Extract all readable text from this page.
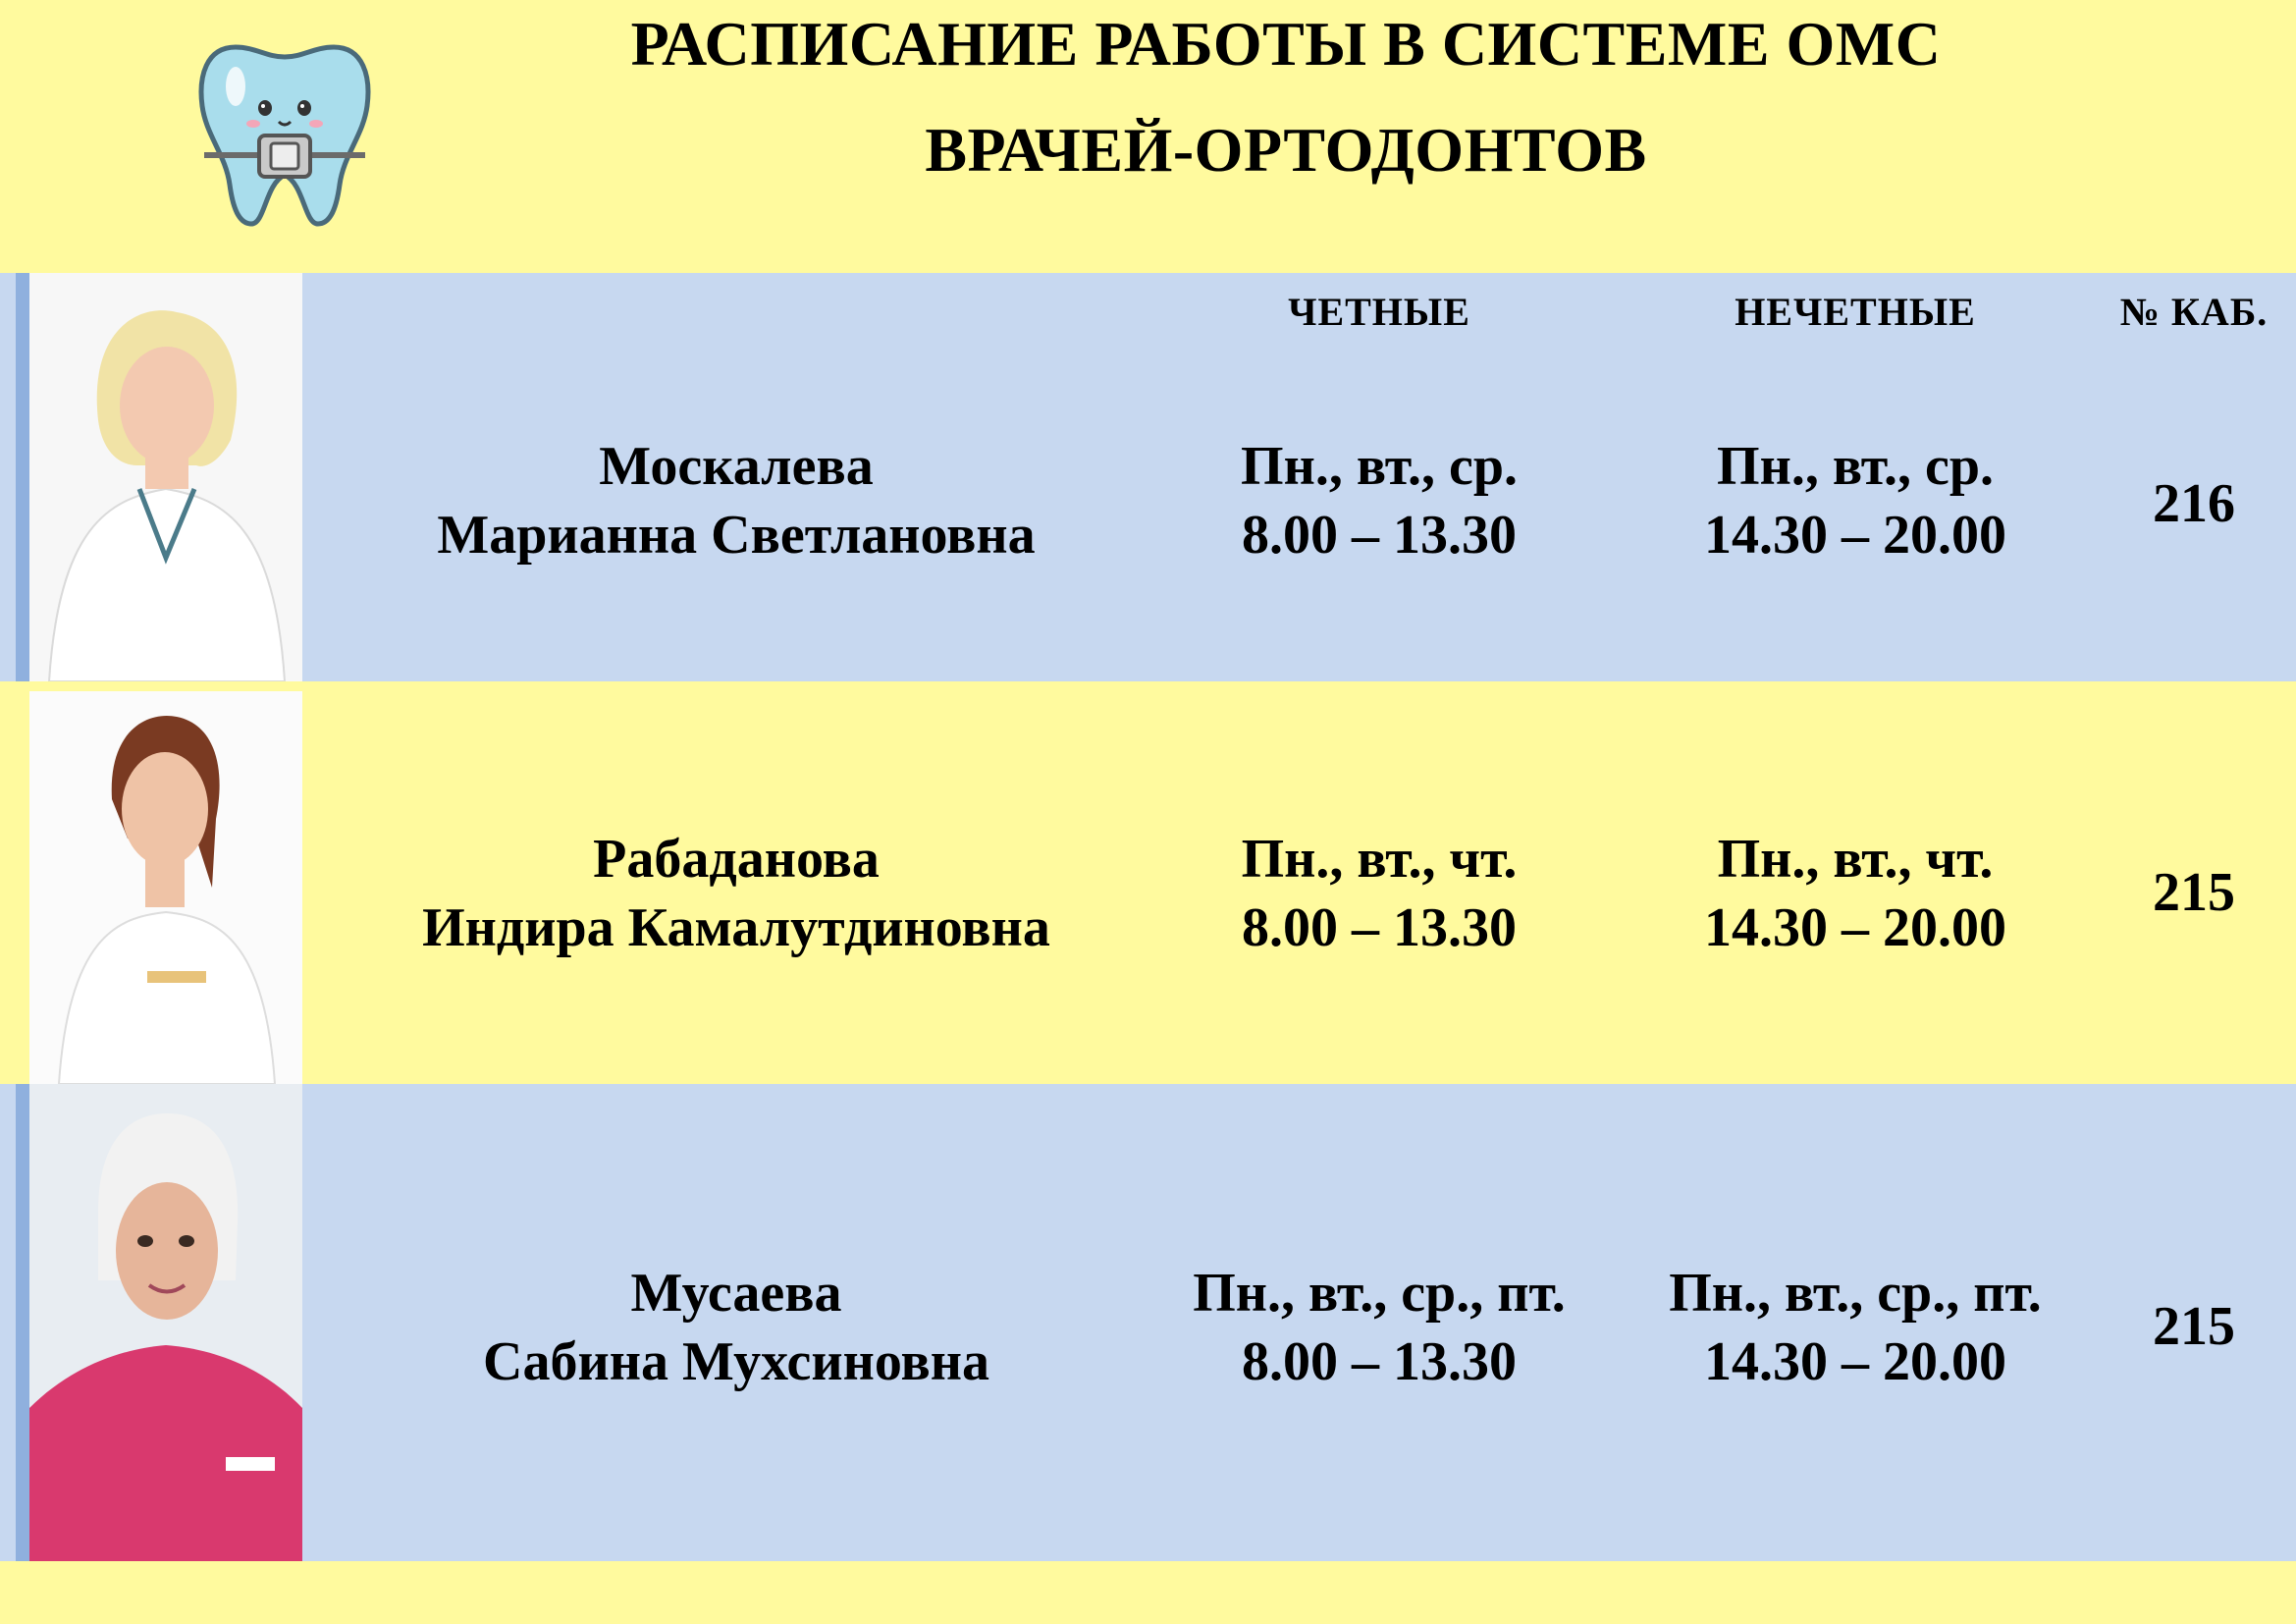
РАСПИСАНИЕ РАБОТЫ В СИСТЕМЕ ОМС
ВРАЧЕЙ-ОРТОДОНТОВ
ЧЕТНЫЕ	НЕЧЕТНЫЕ	№ КАБ.
Москалева
Марианна Светлановна
Пн., вт., ср.
8.00 – 13.30
Пн., вт., ср.
14.30 – 20.00
216
Рабаданова
Индира Камалутдиновна
Пн., вт., чт.
8.00 – 13.30
Пн., вт., чт.
14.30 – 20.00
215
Мусаева
Сабина Мухсиновна
Пн., вт., ср., пт.
8.00 – 13.30
Пн., вт., ср., пт.
14.30 – 20.00
215
